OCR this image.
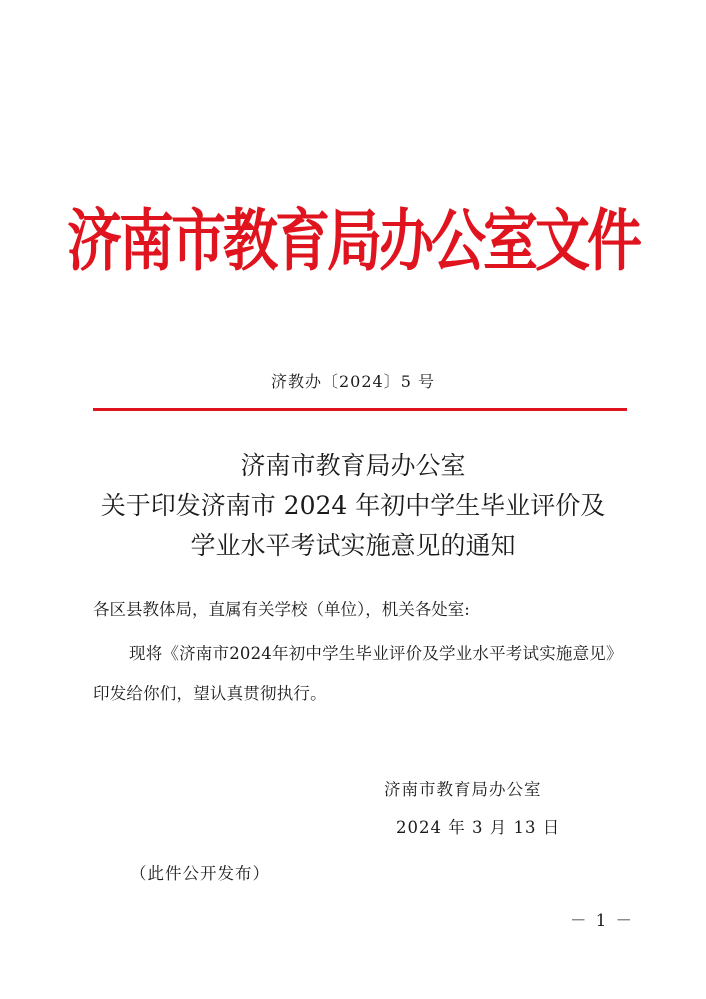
济南市教育局办公室文件
济教办〔2024〕5 号
济南市教育局办公室
关于印发济南市 2024 年初中学生毕业评价及
学业水平考试实施意见的通知
各区县教体局，直属有关学校（单位），机关各处室:
现将《济南市2024年初中学生毕业评价及学业水平考试实施意见》印发给你们，望认真贯彻执行。
济南市教育局办公室
2024 年 3 月 13 日
（此件公开发布）
－ 1 －
